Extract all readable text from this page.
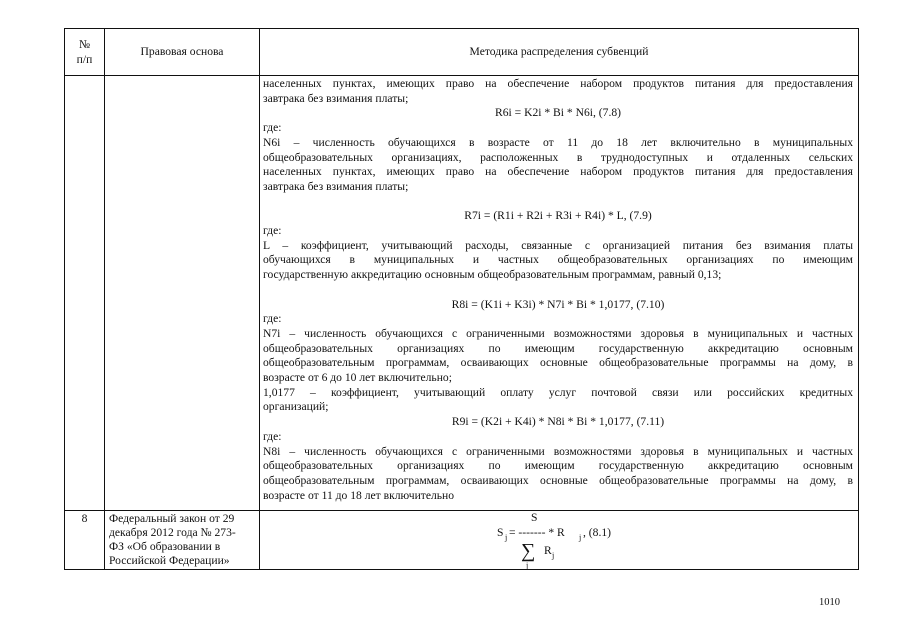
№
п/п
Правовая основа	Методика распределения субвенций
населенных пунктах, имеющих право на обеспечение набором продуктов питания для предоставления
завтрака без взимания платы;
R6i = K2i * Bi * N6i, (7.8)
где:
N6i – численность обучающихся в возрасте от 11 до 18 лет включительно в муниципальных
общеобразовательных организациях, расположенных в труднодоступных и отдаленных сельских
населенных пунктах, имеющих право на обеспечение набором продуктов питания для предоставления
завтрака без взимания платы;
R7i = (R1i + R2i + R3i + R4i) * L, (7.9)
где:
L – коэффициент, учитывающий расходы, связанные с организацией питания без взимания платы
обучающихся в муниципальных и частных общеобразовательных организациях по имеющим
государственную аккредитацию основным общеобразовательным программам, равный 0,13;
R8i = (K1i + K3i) * N7i * Bi * 1,0177, (7.10)
где:
N7i – численность обучающихся с ограниченными возможностями здоровья в муниципальных и частных
общеобразовательных организациях по имеющим государственную аккредитацию основным
общеобразовательным программам, осваивающих основные общеобразовательные программы на дому, в
возрасте от 6 до 10 лет включительно;
1,0177 – коэффициент, учитывающий оплату услуг почтовой связи или российских кредитных
организаций;
R9i = (K2i + K4i) * N8i * Bi * 1,0177, (7.11)
где:
N8i – численность обучающихся с ограниченными возможностями здоровья в муниципальных и частных
общеобразовательных организациях по имеющим государственную аккредитацию основным
общеобразовательным программам, осваивающих основные общеобразовательные программы на дому, в
возрасте от 11 до 18 лет включительно
8	Федеральный закон от 29
декабря 2012 года № 273-
ФЗ «Об образовании в
Российской Федерации»
S
S j = ------- * R j , (8.1)
∑
j
R j
1010
